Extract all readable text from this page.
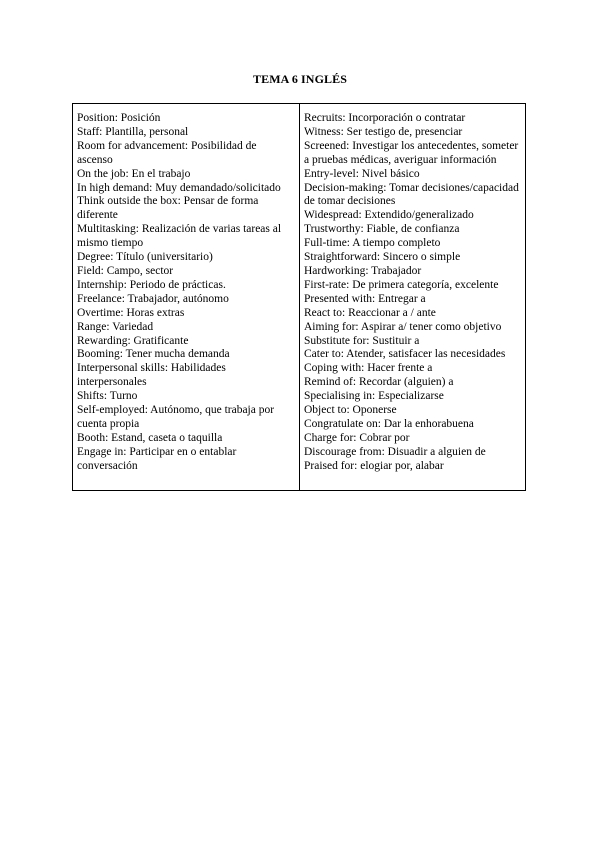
TEMA 6 INGLÉS
Position: Posición
Staff: Plantilla, personal
Room for advancement: Posibilidad de ascenso
On the job: En el trabajo
In high demand: Muy demandado/solicitado
Think outside the box: Pensar de forma diferente
Multitasking: Realización de varias tareas al mismo tiempo
Degree: Título (universitario)
Field: Campo, sector
Internship: Periodo de prácticas.
Freelance: Trabajador, autónomo
Overtime: Horas extras
Range: Variedad
Rewarding: Gratificante
Booming: Tener mucha demanda
Interpersonal skills: Habilidades interpersonales
Shifts: Turno
Self-employed: Autónomo, que trabaja por cuenta propia
Booth: Estand, caseta o taquilla
Engage in: Participar en o entablar conversación
Recruits: Incorporación o contratar
Witness: Ser testigo de, presenciar
Screened: Investigar los antecedentes, someter a pruebas médicas, averiguar información
Entry-level: Nivel básico
Decision-making: Tomar decisiones/capacidad de tomar decisiones
Widespread: Extendido/generalizado
Trustworthy: Fiable, de confianza
Full-time: A tiempo completo
Straightforward: Sincero o simple
Hardworking: Trabajador
First-rate: De primera categoría, excelente
Presented with: Entregar a
React to: Reaccionar a / ante
Aiming for: Aspirar a/ tener como objetivo
Substitute for: Sustituir a
Cater to: Atender, satisfacer las necesidades
Coping with: Hacer frente a
Remind of: Recordar (alguien) a
Specialising in: Especializarse
Object to: Oponerse
Congratulate on: Dar la enhorabuena
Charge for: Cobrar por
Discourage from: Disuadir a alguien de
Praised for: elogiar por, alabar
